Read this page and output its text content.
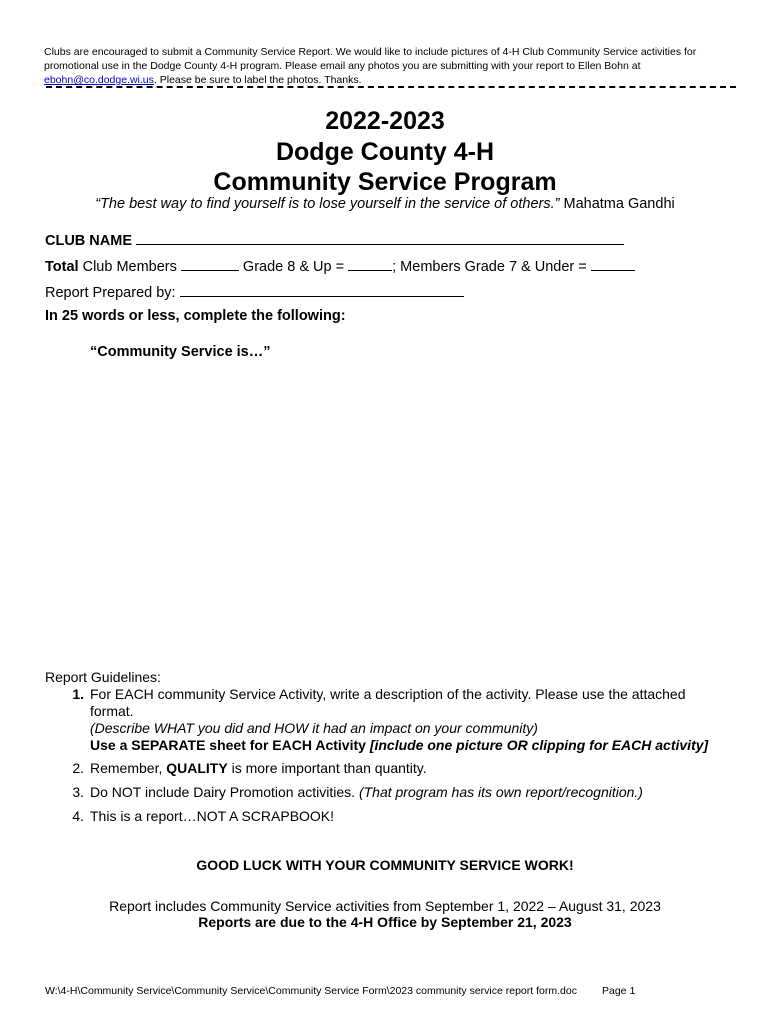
Clubs are encouraged to submit a Community Service Report. We would like to include pictures of 4-H Club Community Service activities for
promotional use in the Dodge County 4-H program. Please email any photos you are submitting with your report to Ellen Bohn at
ebohn@co.dodge.wi.us. Please be sure to label the photos. Thanks.
2022-2023
Dodge County 4-H
Community Service Program
“The best way to find yourself is to lose yourself in the service of others.” Mahatma Gandhi
CLUB NAME
Total Club Members	Grade 8 & Up =	; Members Grade 7 & Under =
Report Prepared by:
In 25 words or less, complete the following:
“Community Service is…”
Report Guidelines:
1. For EACH community Service Activity, write a description of the activity. Please use the attached format.
(Describe WHAT you did and HOW it had an impact on your community)
Use a SEPARATE sheet for EACH Activity [include one picture OR clipping for EACH activity]
2. Remember, QUALITY is more important than quantity.
3. Do NOT include Dairy Promotion activities. (That program has its own report/recognition.)
4. This is a report…NOT A SCRAPBOOK!
GOOD LUCK WITH YOUR COMMUNITY SERVICE WORK!
Report includes Community Service activities from September 1, 2022 – August 31, 2023
Reports are due to the 4-H Office by September 21, 2023
W:\4-H\Community Service\Community Service\Community Service Form\2023 community service report form.doc Page 1
